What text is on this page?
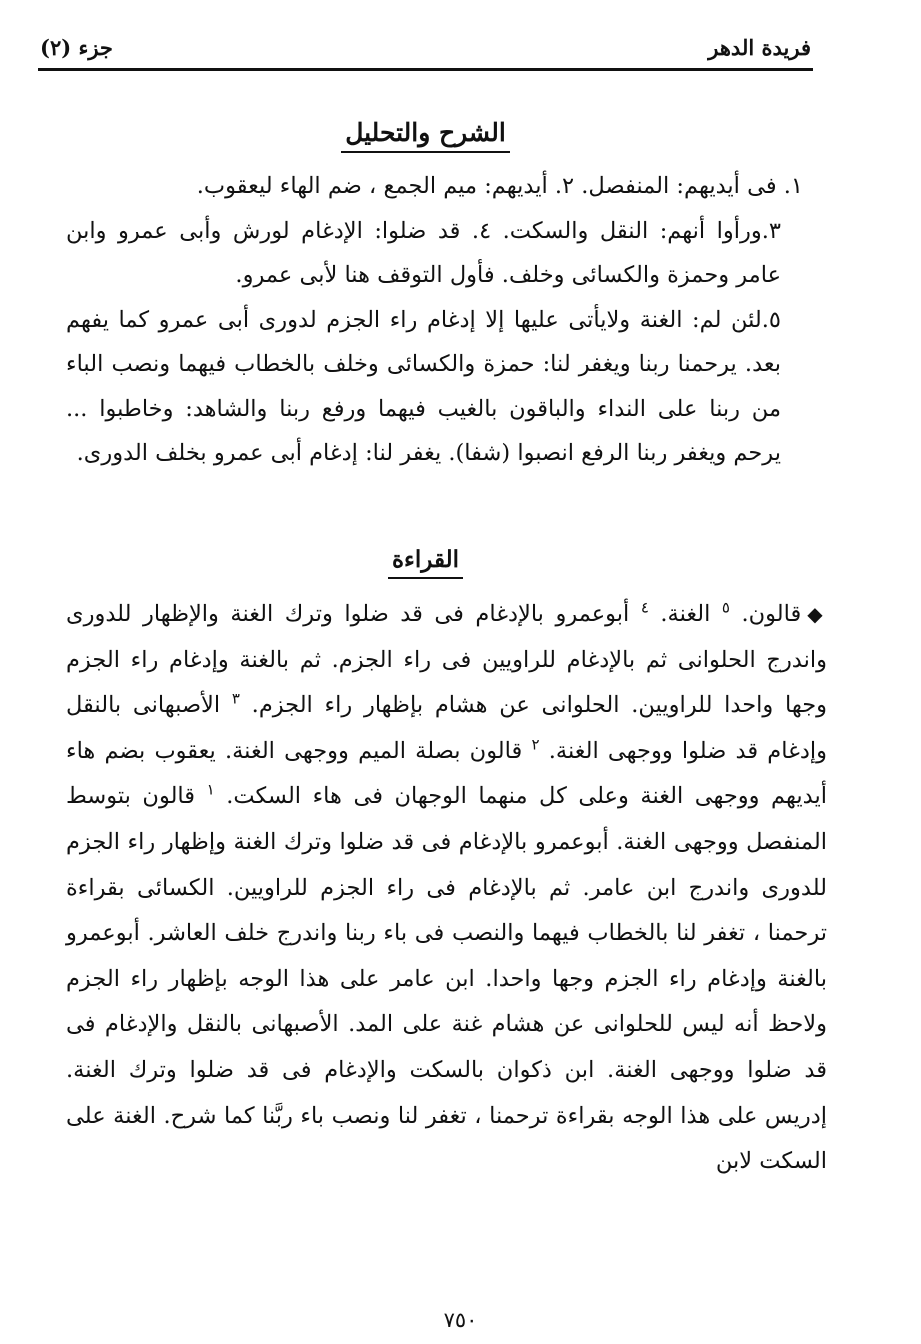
فريدة الدهر
جزء (٢)
الشرح والتحليل

١. فى أيديهم: المنفصل. ٢. أيديهم: ميم الجمع ، ضم الهاء ليعقوب.

٣.ورأوا أنهم: النقل والسكت. ٤. قد ضلوا: الإدغام لورش وأبى عمرو وابن عامر وحمزة والكسائى وخلف. فأول التوقف هنا لأبى عمرو.

٥.لئن لم: الغنة ولايأتى عليها إلا إدغام راء الجزم لدورى أبى عمرو كما يفهم بعد. يرحمنا ربنا ويغفر لنا: حمزة والكسائى وخلف بالخطاب فيهما ونصب الباء من ربنا على النداء والباقون بالغيب فيهما ورفع ربنا والشاهد: وخاطبوا ... يرحم ويغفر ربنا الرفع انصبوا (شفا). يغفر لنا: إدغام أبى عمرو بخلف الدورى.

القراءة

◆قالون. $^٥$ الغنة. $^٤$ أبوعمرو بالإدغام فى قد ضلوا وترك الغنة والإظهار للدورى واندرج الحلوانى ثم بالإدغام للراويين فى راء الجزم. ثم بالغنة وإدغام راء الجزم وجها واحدا للراويين. الحلوانى عن هشام بإظهار راء الجزم. $^٣$ الأصبهانى بالنقل وإدغام قد ضلوا ووجهى الغنة. $^٢$ قالون بصلة الميم ووجهى الغنة. يعقوب بضم هاء أيديهم ووجهى الغنة وعلى كل منهما الوجهان فى هاء السكت. $^١$ قالون بتوسط المنفصل ووجهى الغنة. أبوعمرو بالإدغام فى قد ضلوا وترك الغنة وإظهار راء الجزم للدورى واندرج ابن عامر. ثم بالإدغام فى راء الجزم للراويين. الكسائى بقراءة ترحمنا ، تغفر لنا بالخطاب فيهما والنصب فى باء ربنا واندرج خلف العاشر. أبوعمرو بالغنة وإدغام راء الجزم وجها واحدا. ابن عامر على هذا الوجه بإظهار راء الجزم ولاحظ أنه ليس للحلوانى عن هشام غنة على المد. الأصبهانى بالنقل والإدغام فى قد ضلوا ووجهى الغنة. ابن ذكوان بالسكت والإدغام فى قد ضلوا وترك الغنة. إدريس على هذا الوجه بقراءة ترحمنا ، تغفر لنا ونصب باء ربَّنا كما شرح. الغنة على السكت لابن

٧٥٠
